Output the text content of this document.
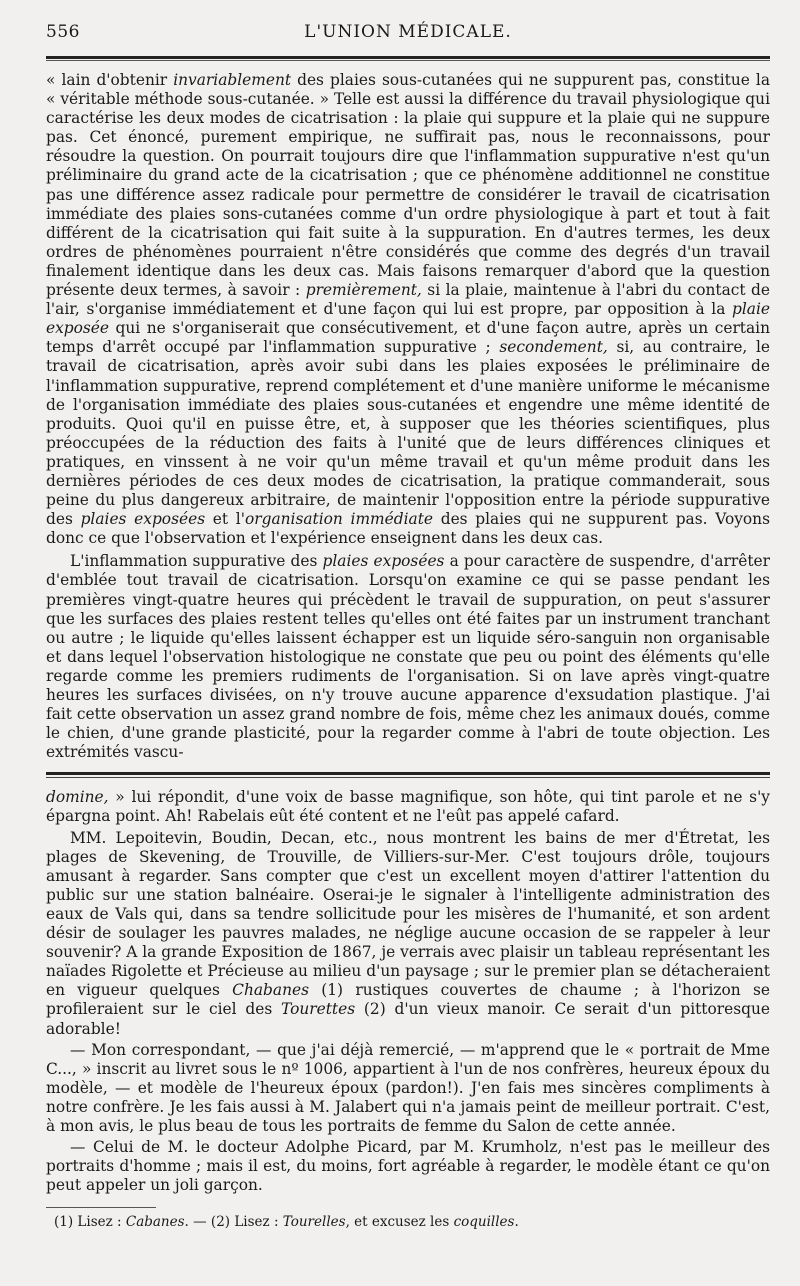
556	L'UNION MÉDICALE.

« lain d'obtenir invariablement des plaies sous-cutanées qui ne suppurent pas, constitue la « véritable méthode sous-cutanée. » Telle est aussi la différence du travail physiologique qui caractérise les deux modes de cicatrisation : la plaie qui suppure et la plaie qui ne suppure pas. Cet énoncé, purement empirique, ne suffirait pas, nous le reconnaissons, pour résoudre la question. On pourrait toujours dire que l'inflammation suppurative n'est qu'un préliminaire du grand acte de la cicatrisation ; que ce phénomène additionnel ne constitue pas une différence assez radicale pour permettre de considérer le travail de cicatrisation immédiate des plaies sons-cutanées comme d'un ordre physiologique à part et tout à fait différent de la cicatrisation qui fait suite à la suppuration. En d'autres termes, les deux ordres de phénomènes pourraient n'être considérés que comme des degrés d'un travail finalement identique dans les deux cas. Mais faisons remarquer d'abord que la question présente deux termes, à savoir : premièrement, si la plaie, maintenue à l'abri du contact de l'air, s'organise immédiatement et d'une façon qui lui est propre, par opposition à la plaie exposée qui ne s'organiserait que consécutivement, et d'une façon autre, après un certain temps d'arrêt occupé par l'inflammation suppurative ; secondement, si, au contraire, le travail de cicatrisation, après avoir subi dans les plaies exposées le préliminaire de l'inflammation suppurative, reprend complétement et d'une manière uniforme le mécanisme de l'organisation immédiate des plaies sous-cutanées et engendre une même identité de produits. Quoi qu'il en puisse être, et, à supposer que les théories scientifiques, plus préoccupées de la réduction des faits à l'unité que de leurs différences cliniques et pratiques, en vinssent à ne voir qu'un même travail et qu'un même produit dans les dernières périodes de ces deux modes de cicatrisation, la pratique commanderait, sous peine du plus dangereux arbitraire, de maintenir l'opposition entre la période suppurative des plaies exposées et l'organisation immédiate des plaies qui ne suppurent pas. Voyons donc ce que l'observation et l'expérience enseignent dans les deux cas.

L'inflammation suppurative des plaies exposées a pour caractère de suspendre, d'arrêter d'emblée tout travail de cicatrisation. Lorsqu'on examine ce qui se passe pendant les premières vingt-quatre heures qui précèdent le travail de suppuration, on peut s'assurer que les surfaces des plaies restent telles qu'elles ont été faites par un instrument tranchant ou autre ; le liquide qu'elles laissent échapper est un liquide séro-sanguin non organisable et dans lequel l'observation histologique ne constate que peu ou point des éléments qu'elle regarde comme les premiers rudiments de l'organisation. Si on lave après vingt-quatre heures les surfaces divisées, on n'y trouve aucune apparence d'exsudation plastique. J'ai fait cette observation un assez grand nombre de fois, même chez les animaux doués, comme le chien, d'une grande plasticité, pour la regarder comme à l'abri de toute objection. Les extrémités vascu-

domine, » lui répondit, d'une voix de basse magnifique, son hôte, qui tint parole et ne s'y épargna point. Ah! Rabelais eût été content et ne l'eût pas appelé cafard.

MM. Lepoitevin, Boudin, Decan, etc., nous montrent les bains de mer d'Étretat, les plages de Skevening, de Trouville, de Villiers-sur-Mer. C'est toujours drôle, toujours amusant à regarder. Sans compter que c'est un excellent moyen d'attirer l'attention du public sur une station balnéaire. Oserai-je le signaler à l'intelligente administration des eaux de Vals qui, dans sa tendre sollicitude pour les misères de l'humanité, et son ardent désir de soulager les pauvres malades, ne néglige aucune occasion de se rappeler à leur souvenir? A la grande Exposition de 1867, je verrais avec plaisir un tableau représentant les naïades Rigolette et Précieuse au milieu d'un paysage ; sur le premier plan se détacheraient en vigueur quelques Chabanes (1) rustiques couvertes de chaume ; à l'horizon se profileraient sur le ciel des Tourettes (2) d'un vieux manoir. Ce serait d'un pittoresque adorable!

— Mon correspondant, — que j'ai déjà remercié, — m'apprend que le « portrait de Mme C..., » inscrit au livret sous le nº 1006, appartient à l'un de nos confrères, heureux époux du modèle, — et modèle de l'heureux époux (pardon!). J'en fais mes sincères compliments à notre confrère. Je les fais aussi à M. Jalabert qui n'a jamais peint de meilleur portrait. C'est, à mon avis, le plus beau de tous les portraits de femme du Salon de cette année.

— Celui de M. le docteur Adolphe Picard, par M. Krumholz, n'est pas le meilleur des portraits d'homme ; mais il est, du moins, fort agréable à regarder, le modèle étant ce qu'on peut appeler un joli garçon.

(1) Lisez : Cabanes. — (2) Lisez : Tourelles, et excusez les coquilles.
